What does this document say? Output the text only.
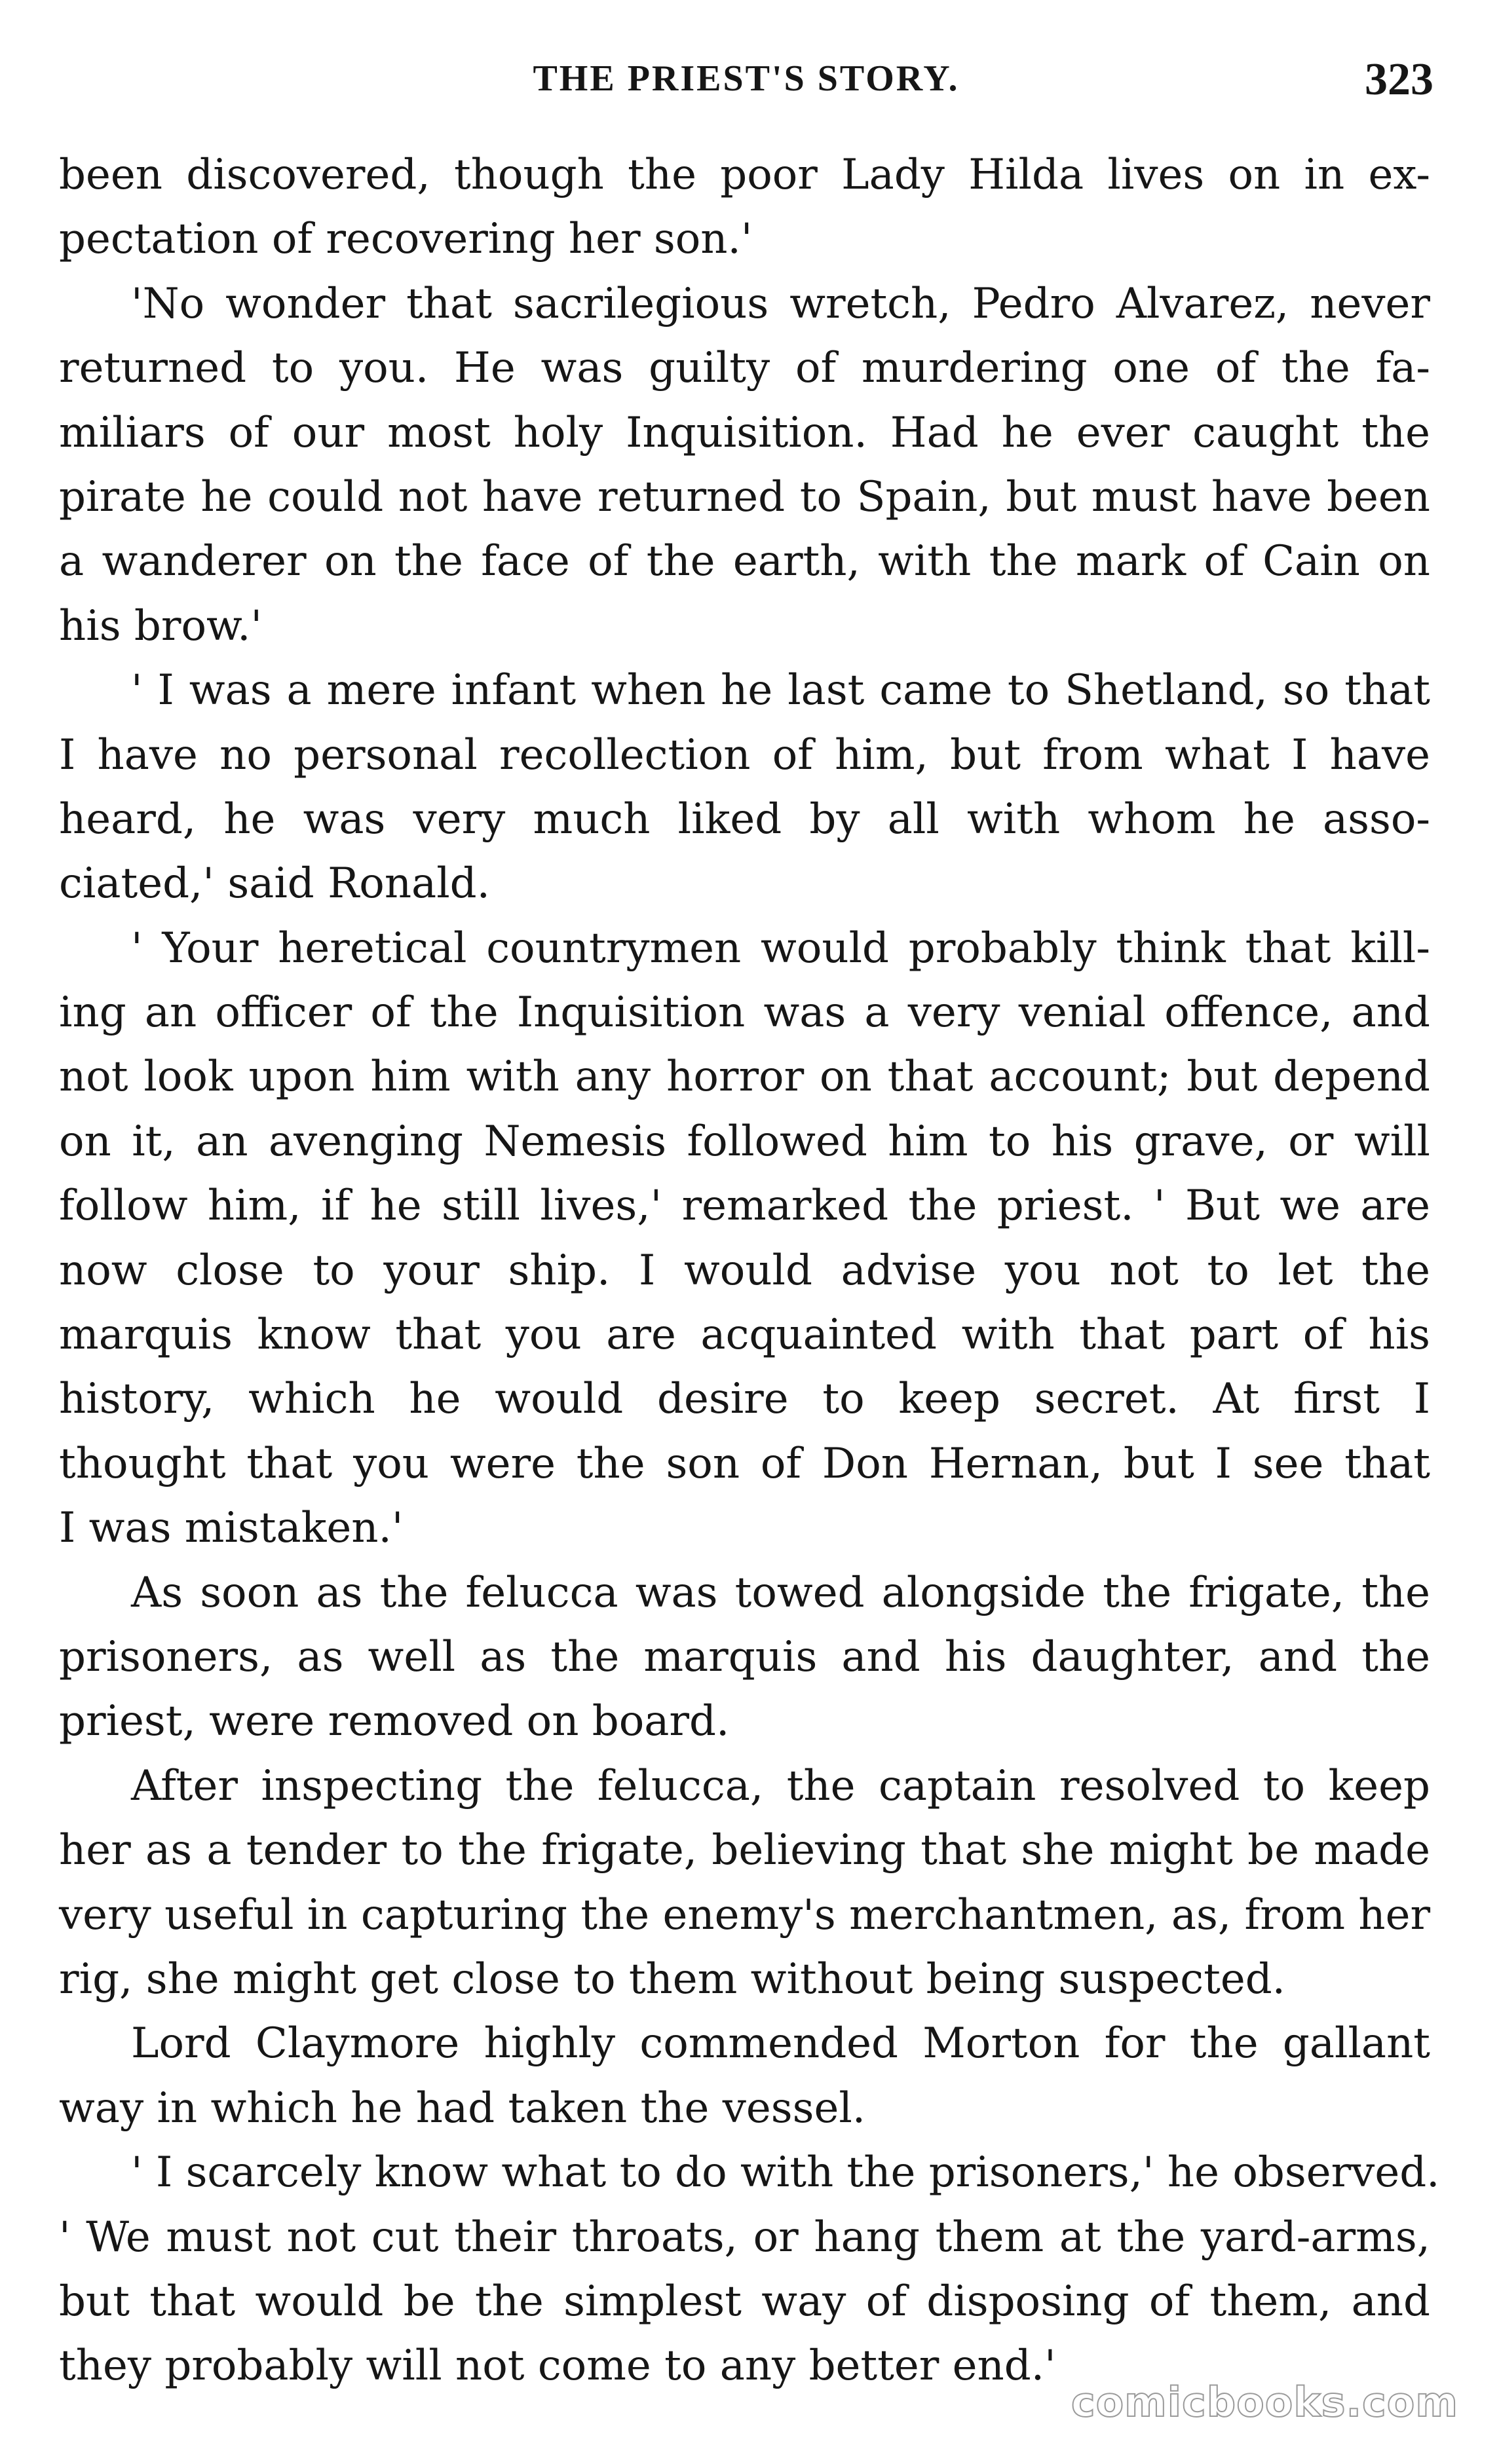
THE PRIEST'S STORY.	323
been discovered, though the poor Lady Hilda lives on in ex-
pectation of recovering her son.'
'No wonder that sacrilegious wretch, Pedro Alvarez, never
returned to you. He was guilty of murdering one of the fa-
miliars of our most holy Inquisition. Had he ever caught the
pirate he could not have returned to Spain, but must have been
a wanderer on the face of the earth, with the mark of Cain on
his brow.'
' I was a mere infant when he last came to Shetland, so that
I have no personal recollection of him, but from what I have
heard, he was very much liked by all with whom he asso-
ciated,' said Ronald.
' Your heretical countrymen would probably think that kill-
ing an officer of the Inquisition was a very venial offence, and
not look upon him with any horror on that account; but depend
on it, an avenging Nemesis followed him to his grave, or will
follow him, if he still lives,' remarked the priest. ' But we are
now close to your ship. I would advise you not to let the
marquis know that you are acquainted with that part of his
history, which he would desire to keep secret. At first I
thought that you were the son of Don Hernan, but I see that
I was mistaken.'
As soon as the felucca was towed alongside the frigate, the
prisoners, as well as the marquis and his daughter, and the
priest, were removed on board.
After inspecting the felucca, the captain resolved to keep
her as a tender to the frigate, believing that she might be made
very useful in capturing the enemy's merchantmen, as, from her
rig, she might get close to them without being suspected.
Lord Claymore highly commended Morton for the gallant
way in which he had taken the vessel.
' I scarcely know what to do with the prisoners,' he observed.
' We must not cut their throats, or hang them at the yard-arms,
but that would be the simplest way of disposing of them, and
they probably will not come to any better end.'
comicbooks.com
